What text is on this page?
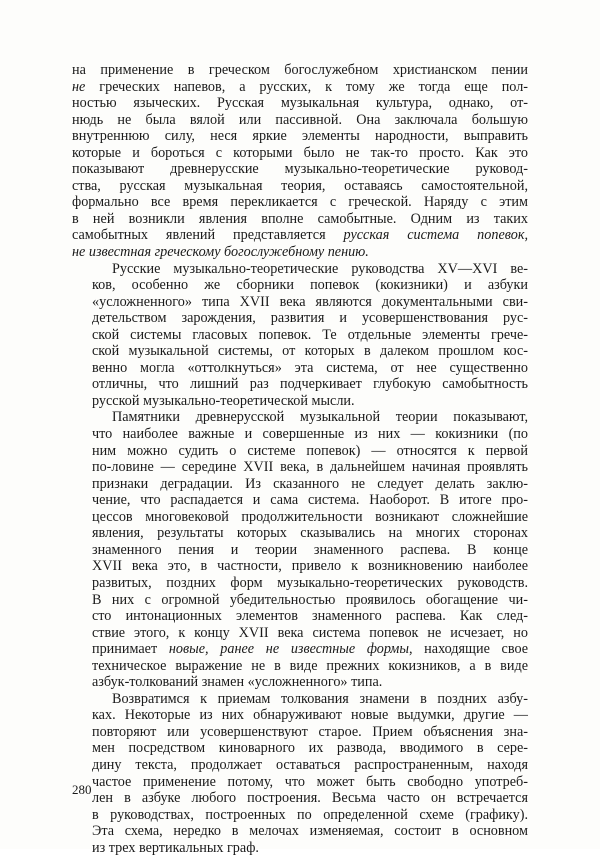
на применение в греческом богослужебном христианском пении
не греческих напевов, а русских, к тому же тогда еще пол-
ностью языческих. Русская музыкальная культура, однако, от-
нюдь не была вялой или пассивной. Она заключала большую
внутреннюю силу, неся яркие элементы народности, выправить
которые и бороться с которыми было не так-то просто. Как это
показывают древнерусские музыкально-теоретические руковод-
ства, русская музыкальная теория, оставаясь самостоятельной,
формально все время перекликается с греческой. Наряду с этим
в ней возникли явления вполне самобытные. Одним из таких
самобытных явлений представляется русская система попевок,
не известная греческому богослужебному пению.
Русские музыкально-теоретические руководства XV—XVI ве-
ков, особенно же сборники попевок (кокизники) и азбуки
«усложненного» типа XVII века являются документальными сви-
детельством зарождения, развития и усовершенствования рус-
ской системы гласовых попевок. Те отдельные элементы грече-
ской музыкальной системы, от которых в далеком прошлом кос-
венно могла «оттолкнуться» эта система, от нее существенно
отличны, что лишний раз подчеркивает глубокую самобытность
русской музыкально-теоретической мысли.
Памятники древнерусской музыкальной теории показывают,
что наиболее важные и совершенные из них — кокизники (по
ним можно судить о системе попевок) — относятся к первой
по-ловине — середине XVII века, в дальнейшем начиная проявлять
признаки деградации. Из сказанного не следует делать заклю-
чение, что распадается и сама система. Наоборот. В итоге про-
цессов многовековой продолжительности возникают сложнейшие
явления, результаты которых сказывались на многих сторонах
знаменного пения и теории знаменного распева. В конце
XVII века это, в частности, привело к возникновению наиболее
развитых, поздних форм музыкально-теоретических руководств.
В них с огромной убедительностью проявилось обогащение чи-
сто интонационных элементов знаменного распева. Как след-
ствие этого, к концу XVII века система попевок не исчезает, но
принимает новые, ранее не известные формы, находящие свое
техническое выражение не в виде прежних кокизников, а в виде
азбук-толкований знамен «усложненного» типа.
Возвратимся к приемам толкования знамени в поздних азбу-
ках. Некоторые из них обнаруживают новые выдумки, другие —
повторяют или усовершенствуют старое. Прием объяснения зна-
мен посредством киноварного их развода, вводимого в сере-
дину текста, продолжает оставаться распространенным, находя
частое применение потому, что может быть свободно употреб-
лен в азбуке любого построения. Весьма часто он встречается
в руководствах, построенных по определенной схеме (графику).
Эта схема, нередко в мелочах изменяемая, состоит в основном
из трех вертикальных граф.
280
